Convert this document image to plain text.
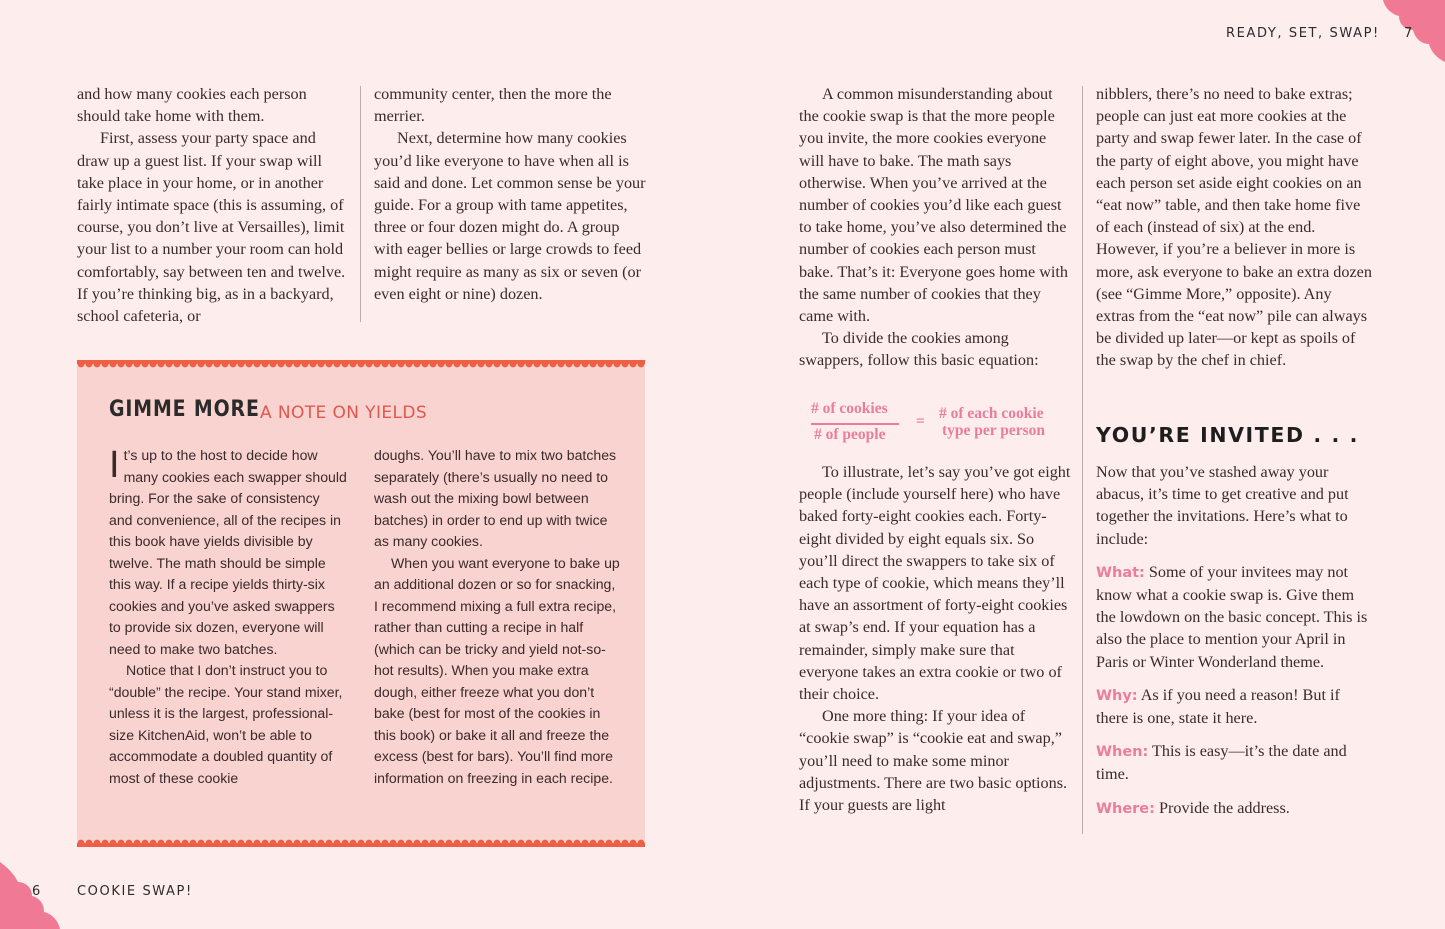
and how many cookies each person should take home with them.

First, assess your party space and draw up a guest list. If your swap will take place in your home, or in another fairly intimate space (this is assuming, of course, you don’t live at Versailles), limit your list to a number your room can hold comfortably, say between ten and twelve. If you’re thinking big, as in a backyard, school cafeteria, or

community center, then the more the merrier.

Next, determine how many cookies you’d like everyone to have when all is said and done. Let common sense be your guide. For a group with tame appetites, three or four dozen might do. A group with eager bellies or large crowds to feed might require as many as six or seven (or even eight or nine) dozen.

GIMME MORE A NOTE ON YIELDS

It’s up to the host to decide how many cookies each swapper should bring. For the sake of consistency and convenience, all of the recipes in this book have yields divisible by twelve. The math should be simple this way. If a recipe yields thirty-six cookies and you’ve asked swappers to provide six dozen, everyone will need to make two batches.

Notice that I don’t instruct you to “double” the recipe. Your stand mixer, unless it is the largest, professional-size KitchenAid, won’t be able to accommodate a doubled quantity of most of these cookie

doughs. You’ll have to mix two batches separately (there’s usually no need to wash out the mixing bowl between batches) in order to end up with twice as many cookies.

When you want everyone to bake up an additional dozen or so for snacking, I recommend mixing a full extra recipe, rather than cutting a recipe in half (which can be tricky and yield not-so-hot results). When you make extra dough, either freeze what you don’t bake (best for most of the cookies in this book) or bake it all and freeze the excess (best for bars). You’ll find more information on freezing in each recipe.

6	COOKIE SWAP!
READY, SET, SWAP! 7

A common misunderstanding about the cookie swap is that the more people you invite, the more cookies everyone will have to bake. The math says otherwise. When you’ve arrived at the number of cookies you’d like each guest to take home, you’ve also determined the number of cookies each person must bake. That’s it: Everyone goes home with the same number of cookies that they came with.

To divide the cookies among swappers, follow this basic equation:

# of cookies
# of people
= # of each cookie
type per person

To illustrate, let’s say you’ve got eight people (include yourself here) who have baked forty-eight cookies each. Forty-eight divided by eight equals six. So you’ll direct the swappers to take six of each type of cookie, which means they’ll have an assortment of forty-eight cookies at swap’s end. If your equation has a remainder, simply make sure that everyone takes an extra cookie or two of their choice.

One more thing: If your idea of “cookie swap” is “cookie eat and swap,” you’ll need to make some minor adjustments. There are two basic options. If your guests are light

nibblers, there’s no need to bake extras; people can just eat more cookies at the party and swap fewer later. In the case of the party of eight above, you might have each person set aside eight cookies on an “eat now” table, and then take home five of each (instead of six) at the end. However, if you’re a believer in more is more, ask everyone to bake an extra dozen (see “Gimme More,” opposite). Any extras from the “eat now” pile can always be divided up later—or kept as spoils of the swap by the chef in chief.

YOU’RE INVITED . . .

Now that you’ve stashed away your abacus, it’s time to get creative and put together the invitations. Here’s what to include:

What: Some of your invitees may not know what a cookie swap is. Give them the lowdown on the basic concept. This is also the place to mention your April in Paris or Winter Wonderland theme.

Why: As if you need a reason! But if there is one, state it here.

When: This is easy—it’s the date and time.

Where: Provide the address.
